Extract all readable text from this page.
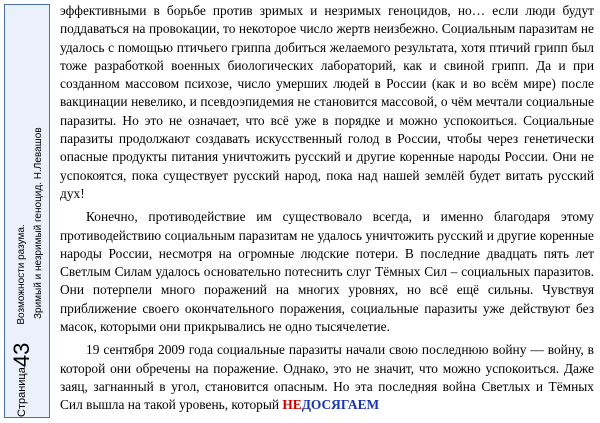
Страница
43
Возможности разума. Зримый и незримый геноцид. Н.Левашов

эффективными в борьбе против зримых и незримых геноцидов, но… если люди будут поддаваться на провокации, то некоторое число жертв неизбежно. Социальным паразитам не удалось с помощью птичьего гриппа добиться желаемого результата, хотя птичий грипп был тоже разработкой военных биологических лабораторий, как и свиной грипп. Да и при созданном массовом психозе, число умерших людей в России (как и во всём мире) после вакцинации невелико, и псевдоэпидемия не становится массовой, о чём мечтали социальные паразиты. Но это не означает, что всё уже в порядке и можно успокоиться. Социальные паразиты продолжают создавать искусственный голод в России, чтобы через генетически опасные продукты питания уничтожить русский и другие коренные народы России. Они не успокоятся, пока существует русский народ, пока над нашей землёй будет витать русский дух!

Конечно, противодействие им существовало всегда, и именно благодаря этому противодействию социальным паразитам не удалось уничтожить русский и другие коренные народы России, несмотря на огромные людские потери. В последние двадцать пять лет Светлым Силам удалось основательно потеснить слуг Тёмных Сил – социальных паразитов. Они потерпели много поражений на многих уровнях, но всё ещё сильны. Чувствуя приближение своего окончательного поражения, социальные паразиты уже действуют без масок, которыми они прикрывались не одно тысячелетие.

19 сентября 2009 года социальные паразиты начали свою последнюю войну — войну, в которой они обречены на поражение. Однако, это не значит, что можно успокоиться. Даже заяц, загнанный в угол, становится опасным. Но эта последняя война Светлых и Тёмных Сил вышла на такой уровень, который НЕДОСЯГАЕМ
